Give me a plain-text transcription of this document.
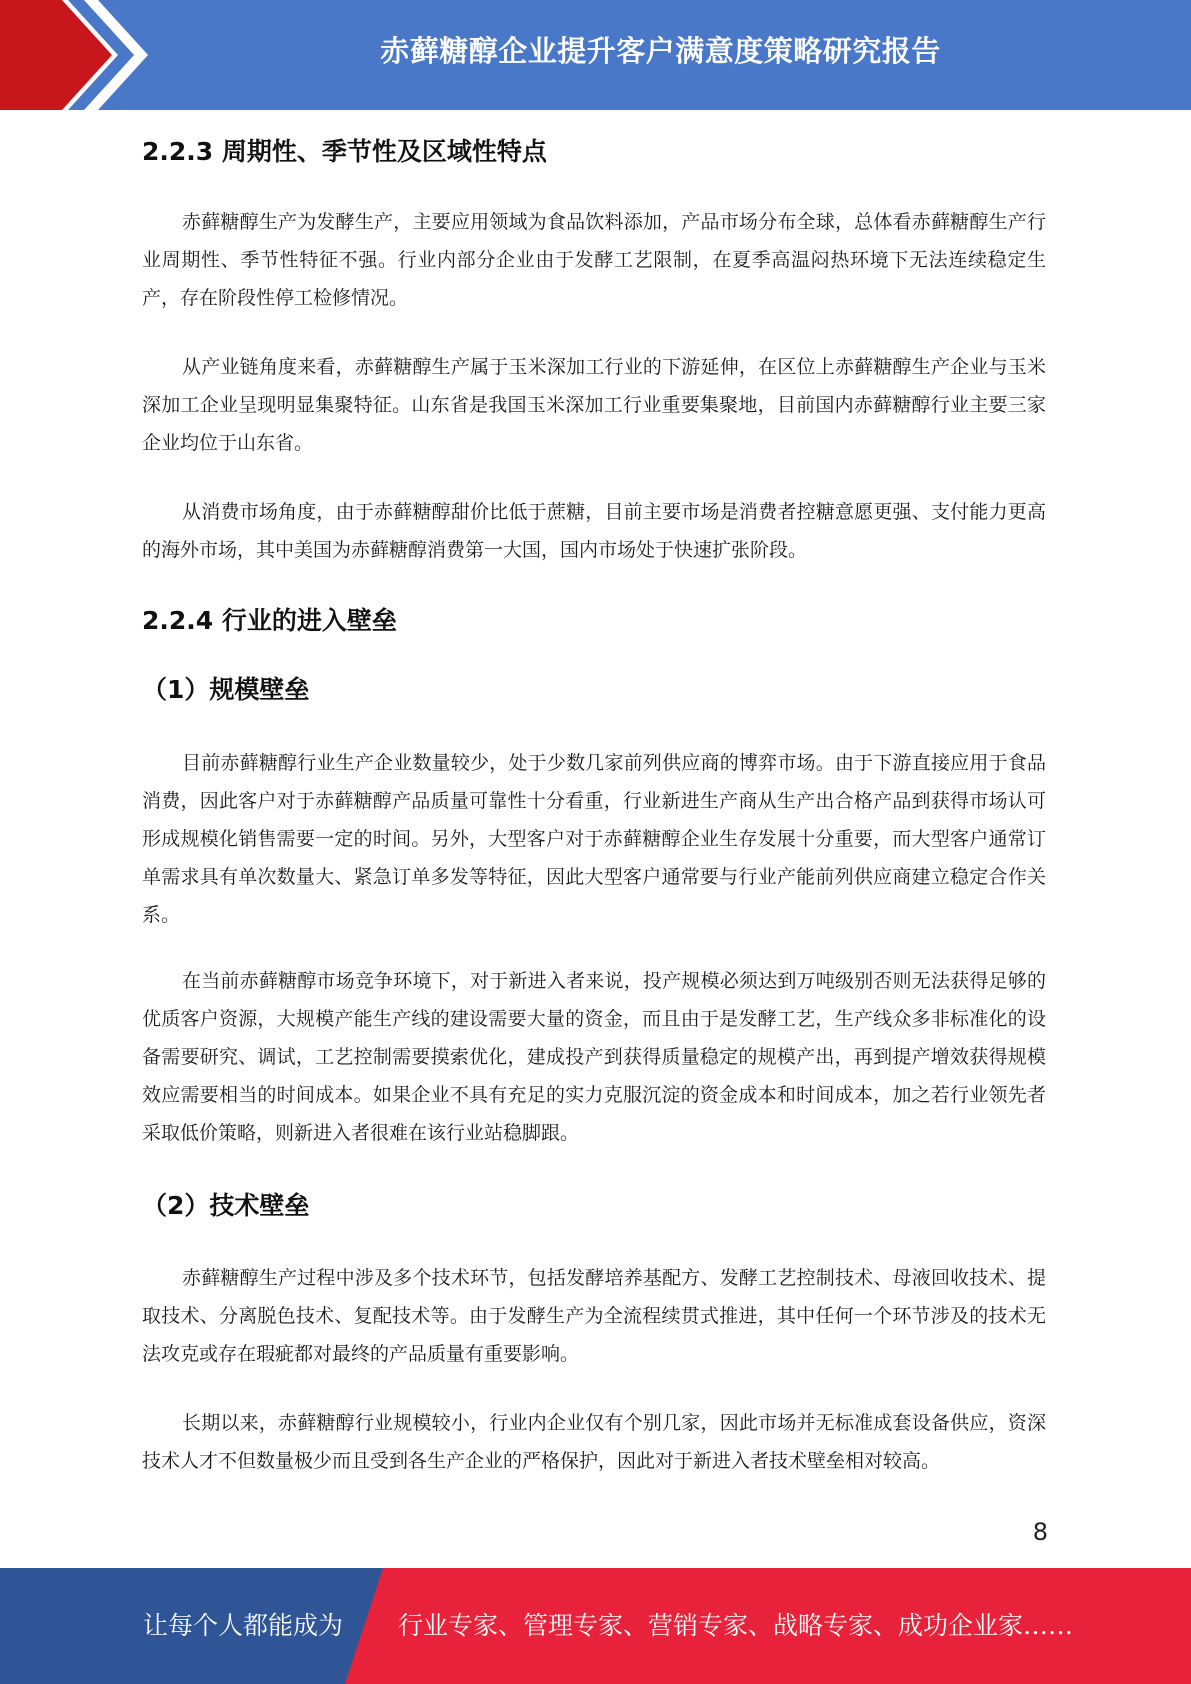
赤藓糖醇企业提升客户满意度策略研究报告
2.2.3 周期性、季节性及区域性特点

赤藓糖醇生产为发酵生产，主要应用领域为食品饮料添加，产品市场分布全球，总体看赤藓糖醇生产行业周期性、季节性特征不强。行业内部分企业由于发酵工艺限制，在夏季高温闷热环境下无法连续稳定生产，存在阶段性停工检修情况。

从产业链角度来看，赤藓糖醇生产属于玉米深加工行业的下游延伸，在区位上赤藓糖醇生产企业与玉米深加工企业呈现明显集聚特征。山东省是我国玉米深加工行业重要集聚地，目前国内赤藓糖醇行业主要三家企业均位于山东省。

从消费市场角度，由于赤藓糖醇甜价比低于蔗糖，目前主要市场是消费者控糖意愿更强、支付能力更高的海外市场，其中美国为赤藓糖醇消费第一大国，国内市场处于快速扩张阶段。

2.2.4 行业的进入壁垒
（1）规模壁垒

目前赤藓糖醇行业生产企业数量较少，处于少数几家前列供应商的博弈市场。由于下游直接应用于食品消费，因此客户对于赤藓糖醇产品质量可靠性十分看重，行业新进生产商从生产出合格产品到获得市场认可形成规模化销售需要一定的时间。另外，大型客户对于赤藓糖醇企业生存发展十分重要，而大型客户通常订单需求具有单次数量大、紧急订单多发等特征，因此大型客户通常要与行业产能前列供应商建立稳定合作关系。

在当前赤藓糖醇市场竞争环境下，对于新进入者来说，投产规模必须达到万吨级别否则无法获得足够的优质客户资源，大规模产能生产线的建设需要大量的资金，而且由于是发酵工艺，生产线众多非标准化的设备需要研究、调试，工艺控制需要摸索优化，建成投产到获得质量稳定的规模产出，再到提产增效获得规模效应需要相当的时间成本。如果企业不具有充足的实力克服沉淀的资金成本和时间成本，加之若行业领先者采取低价策略，则新进入者很难在该行业站稳脚跟。

（2）技术壁垒

赤藓糖醇生产过程中涉及多个技术环节，包括发酵培养基配方、发酵工艺控制技术、母液回收技术、提取技术、分离脱色技术、复配技术等。由于发酵生产为全流程续贯式推进，其中任何一个环节涉及的技术无法攻克或存在瑕疵都对最终的产品质量有重要影响。

长期以来，赤藓糖醇行业规模较小，行业内企业仅有个别几家，因此市场并无标准成套设备供应，资深技术人才不但数量极少而且受到各生产企业的严格保护，因此对于新进入者技术壁垒相对较高。

8
让每个人都能成为 行业专家、管理专家、营销专家、战略专家、成功企业家……
